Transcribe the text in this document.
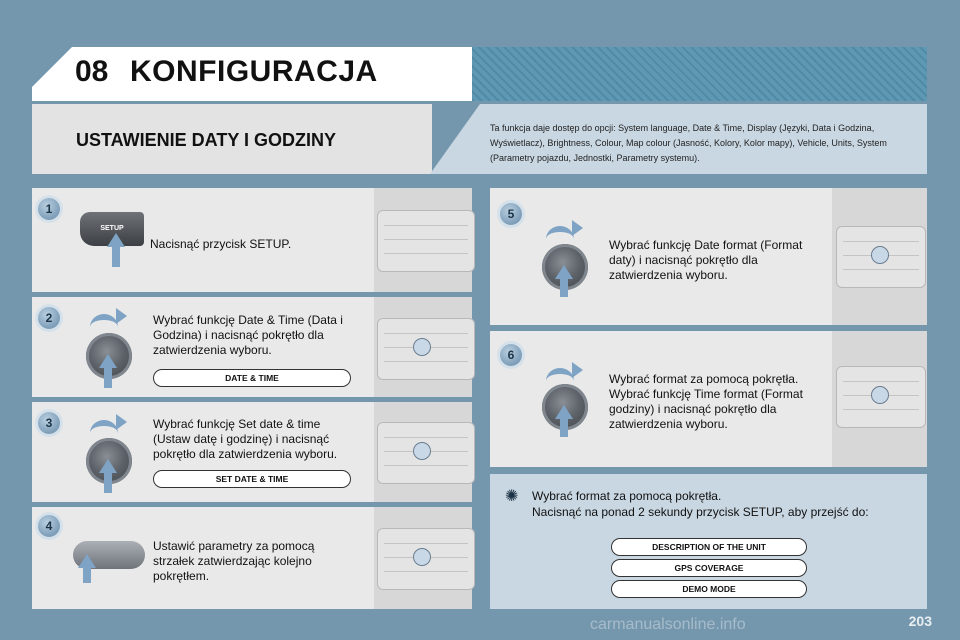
08 KONFIGURACJA
USTAWIENIE DATY I GODZINY
Ta funkcja daje dostęp do opcji: System language, Date & Time, Display (Języki, Data i Godzina, Wyświetlacz), Brightness, Colour, Map colour (Jasność, Kolory, Kolor mapy), Vehicle, Units, System (Parametry pojazdu, Jednostki, Parametry systemu).
1
SETUP
Nacisnąć przycisk SETUP.
2	Wybrać funkcję Date & Time (Data i Godzina) i nacisnąć pokrętło dla zatwierdzenia wyboru.
DATE & TIME
3	Wybrać funkcję Set date & time (Ustaw datę i godzinę) i nacisnąć pokrętło dla zatwierdzenia wyboru.
SET DATE & TIME
4
Ustawić parametry za pomocą strzałek zatwierdzając kolejno pokrętłem.
5
Wybrać funkcję Date format (Format daty) i nacisnąć pokrętło dla zatwierdzenia wyboru.
6
Wybrać format za pomocą pokrętła. Wybrać funkcję Time format (Format godziny) i nacisnąć pokrętło dla zatwierdzenia wyboru.
✺ Wybrać format za pomocą pokrętła.
Nacisnąć na ponad 2 sekundy przycisk SETUP, aby przejść do:
DESCRIPTION OF THE UNIT
GPS COVERAGE
DEMO MODE
203
carmanualsonline.info
